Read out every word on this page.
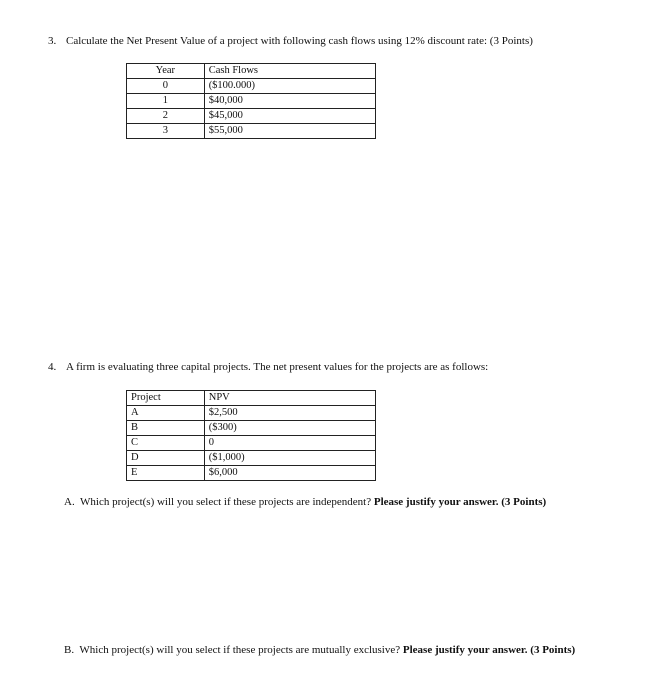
3. Calculate the Net Present Value of a project with following cash flows using 12% discount rate: (3 Points)
Year	Cash Flows
0	($100.000)
1	$40,000
2	$45,000
3	$55,000
4. A firm is evaluating three capital projects. The net present values for the projects are as follows:
Project	NPV
A	$2,500
B	($300)
C	0
D	($1,000)
E	$6,000
A. Which project(s) will you select if these projects are independent? Please justify your answer. (3 Points)
B. Which project(s) will you select if these projects are mutually exclusive? Please justify your answer. (3 Points)
